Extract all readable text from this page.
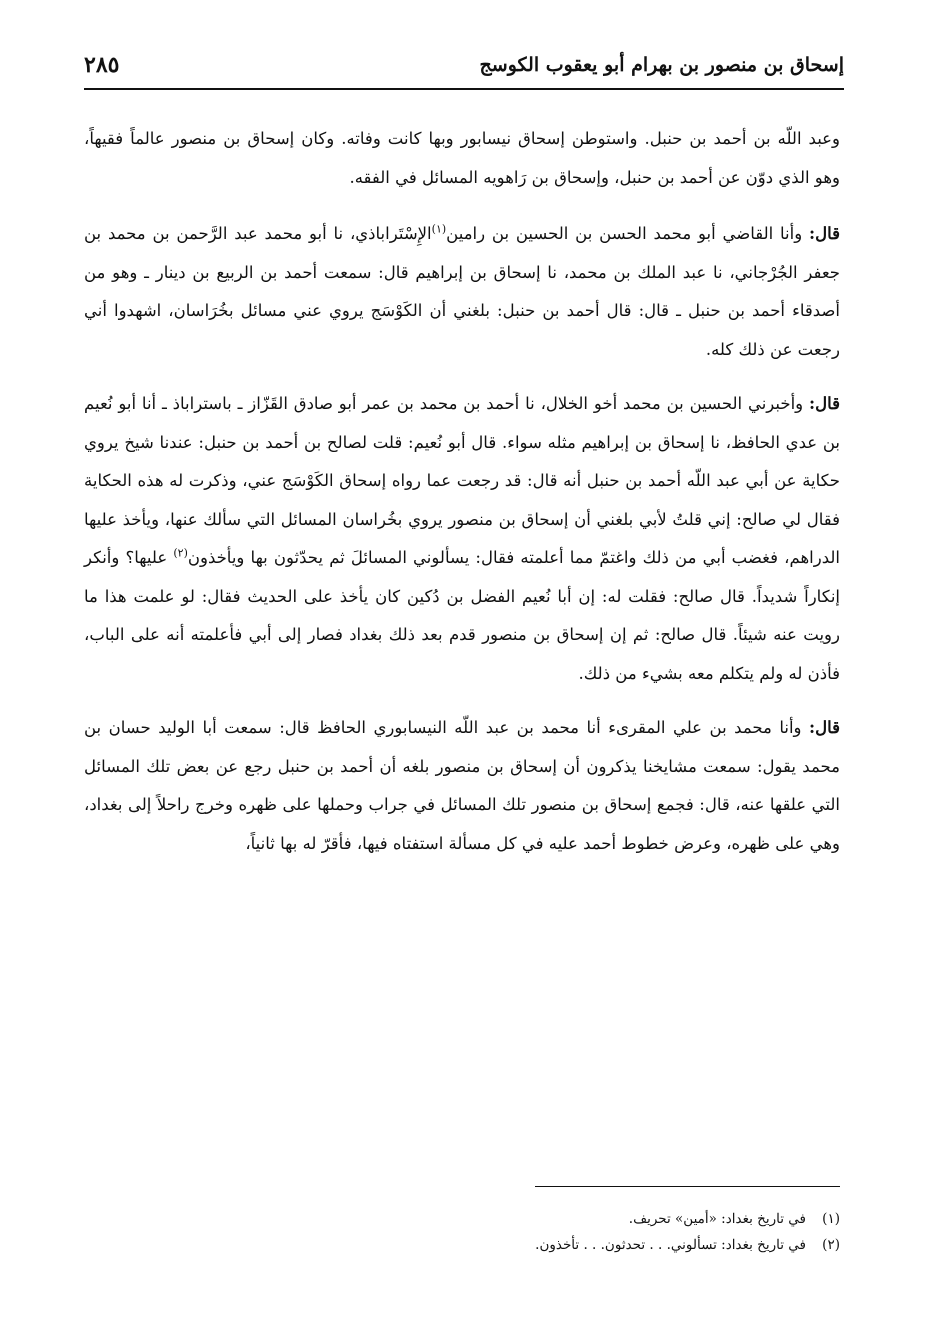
إسحاق بن منصور بن بهرام أبو يعقوب الكوسج
٢٨٥

وعبد اللّه بن أحمد بن حنبل. واستوطن إسحاق نيسابور وبها كانت وفاته. وكان إسحاق بن منصور عالماً فقيهاً، وهو الذي دوّن عن أحمد بن حنبل، وإسحاق بن رَاهويه المسائل في الفقه.

قال: وأنا القاضي أبو محمد الحسن بن الحسين بن رامين$^{(١)}$الإِسْتَراباذي، نا أبو محمد عبد الرَّحمن بن محمد بن جعفر الجُرْجاني، نا عبد الملك بن محمد، نا إسحاق بن إبراهيم قال: سمعت أحمد بن الربيع بن دينار ـ وهو من أصدقاء أحمد بن حنبل ـ قال: قال أحمد بن حنبل: بلغني أن الكَوْسَج يروي عني مسائل بخُرَاسان، اشهدوا أني رجعت عن ذلك كله.

قال: وأخبرني الحسين بن محمد أخو الخلال، نا أحمد بن محمد بن عمر أبو صادق القَزّاز ـ باستراباذ ـ أنا أبو نُعيم بن عدي الحافظ، نا إسحاق بن إبراهيم مثله سواء. قال أبو نُعيم: قلت لصالح بن أحمد بن حنبل: عندنا شيخ يروي حكاية عن أبي عبد اللّه أحمد بن حنبل أنه قال: قد رجعت عما رواه إسحاق الكَوْسَج عني، وذكرت له هذه الحكاية فقال لي صالح: إني قلتُ لأبي بلغني أن إسحاق بن منصور يروي بخُراسان المسائل التي سألك عنها، ويأخذ عليها الدراهم، فغضب أبي من ذلك واغتمّ مما أعلمته فقال: يسألوني المسائلَ ثم يحدّثون بها ويأخذون$^{(٢)}$ عليها؟ وأنكر إنكاراً شديداً. قال صالح: فقلت له: إن أبا نُعيم الفضل بن دُكين كان يأخذ على الحديث فقال: لو علمت هذا ما رويت عنه شيئاً. قال صالح: ثم إن إسحاق بن منصور قدم بعد ذلك بغداد فصار إلى أبي فأعلمته أنه على الباب، فأذن له ولم يتكلم معه بشيء من ذلك.

قال: وأنا محمد بن علي المقرىء أنا محمد بن عبد اللّه النيسابوري الحافظ قال: سمعت أبا الوليد حسان بن محمد يقول: سمعت مشايخنا يذكرون أن إسحاق بن منصور بلغه أن أحمد بن حنبل رجع عن بعض تلك المسائل التي علقها عنه، قال: فجمع إسحاق بن منصور تلك المسائل في جراب وحملها على ظهره وخرج راحلاً إلى بغداد، وهي على ظهره، وعرض خطوط أحمد عليه في كل مسألة استفتاه فيها، فأقرّ له بها ثانياً،

(١)في تاريخ بغداد: «أمين» تحريف.
(٢)في تاريخ بغداد: تسألوني. . . تحدثون. . . تأخذون.
